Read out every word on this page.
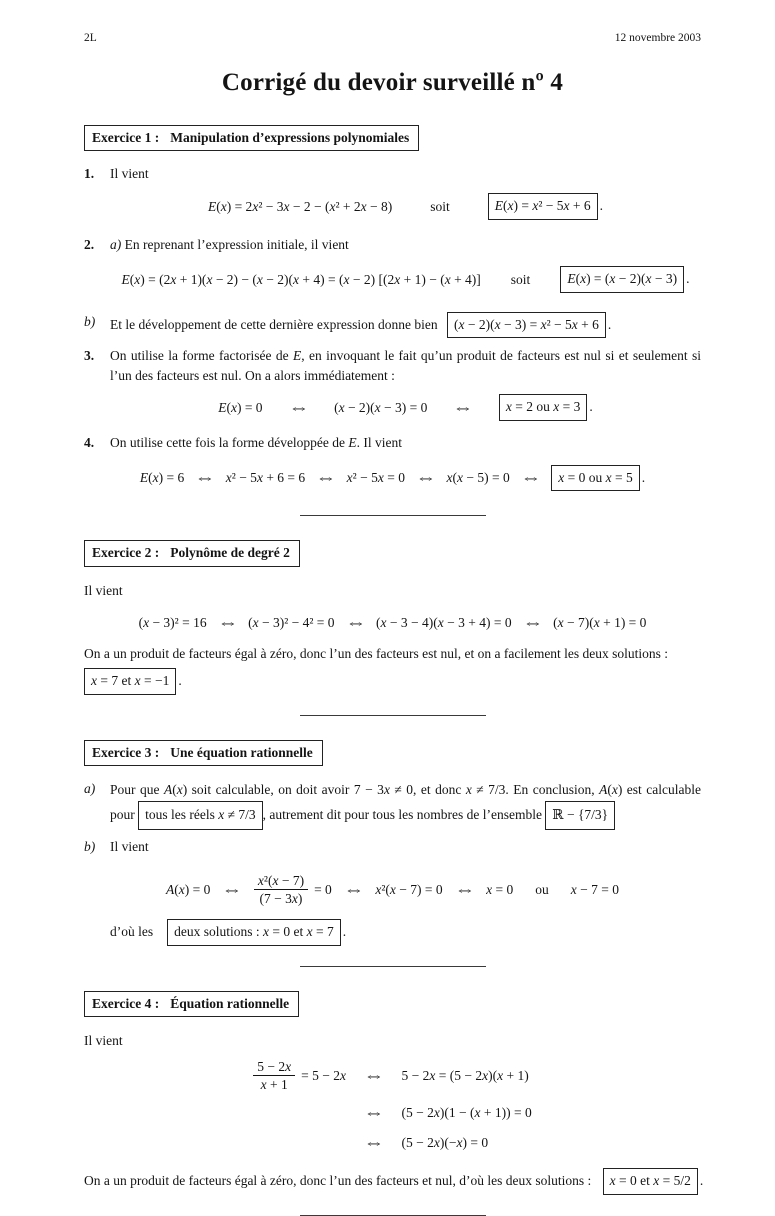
2L	12 novembre 2003
Corrigé du devoir surveillé nº 4
Exercice 1 : Manipulation d’expressions polynomiales
1.	Il vient
E(x) = 2x² − 3x − 2 − (x² + 2x − 8)	soit	E(x) = x² − 5x + 6 .
2.	a) En reprenant l’expression initiale, il vient
E(x) = (2x + 1)(x − 2) − (x − 2)(x + 4) = (x − 2) [(2x + 1) − (x + 4)] soit	E(x) = (x − 2)(x − 3) .
b)	Et le développement de cette dernière expression donne bien (x − 2)(x − 3) = x² − 5x + 6 .
3.	On utilise la forme factorisée de E, en invoquant le fait qu’un produit de facteurs est nul si et seulement si l’un des facteurs est nul. On a alors immédiatement :
E(x) = 0 ⇔ (x − 2)(x − 3) = 0 ⇔	x = 2 ou x = 3 .
4.	On utilise cette fois la forme développée de E. Il vient
E(x) = 6 ⇔ x² − 5x + 6 = 6 ⇔ x² − 5x = 0 ⇔ x(x − 5) = 0 ⇔	x = 0 ou x = 5 .
Exercice 2 : Polynôme de degré 2
Il vient
(x − 3)² = 16 ⇔ (x − 3)² − 4² = 0 ⇔ (x − 3 − 4)(x − 3 + 4) = 0 ⇔ (x − 7)(x + 1) = 0
On a un produit de facteurs égal à zéro, donc l’un des facteurs est nul, et on a facilement les deux solutions :
x = 7 et x = −1 .
Exercice 3 : Une équation rationnelle
a)	Pour que A(x) soit calculable, on doit avoir 7 − 3x ≠ 0, et donc x ≠ 7/3. En conclusion, A(x) est calculable pour tous les réels x ≠ 7/3 , autrement dit pour tous les nombres de l’ensemble ℝ − {7/3}
b)	Il vient
A(x) = 0 ⇔ $\frac{\text{x²(x − 7)}}{(7 - 3x)} = 0$ ⇔ x²(x − 7) = 0 ⇔ x = 0 ou x − 7 = 0
d’où les deux solutions : x = 0 et x = 7 .
Exercice 4 : Équation rationnelle
Il vient
$\frac{5 - 2x}{x + 1} = 5 - 2x$ ⇔ 5 − 2x = (5 − 2x)(x + 1)
⇔ (5 − 2x)(1 − (x + 1)) = 0
⇔ (5 − 2x)(−x) = 0
On a un produit de facteurs égal à zéro, donc l’un des facteurs et nul, d’où les deux solutions : x = 0 et x = 5/2 .
